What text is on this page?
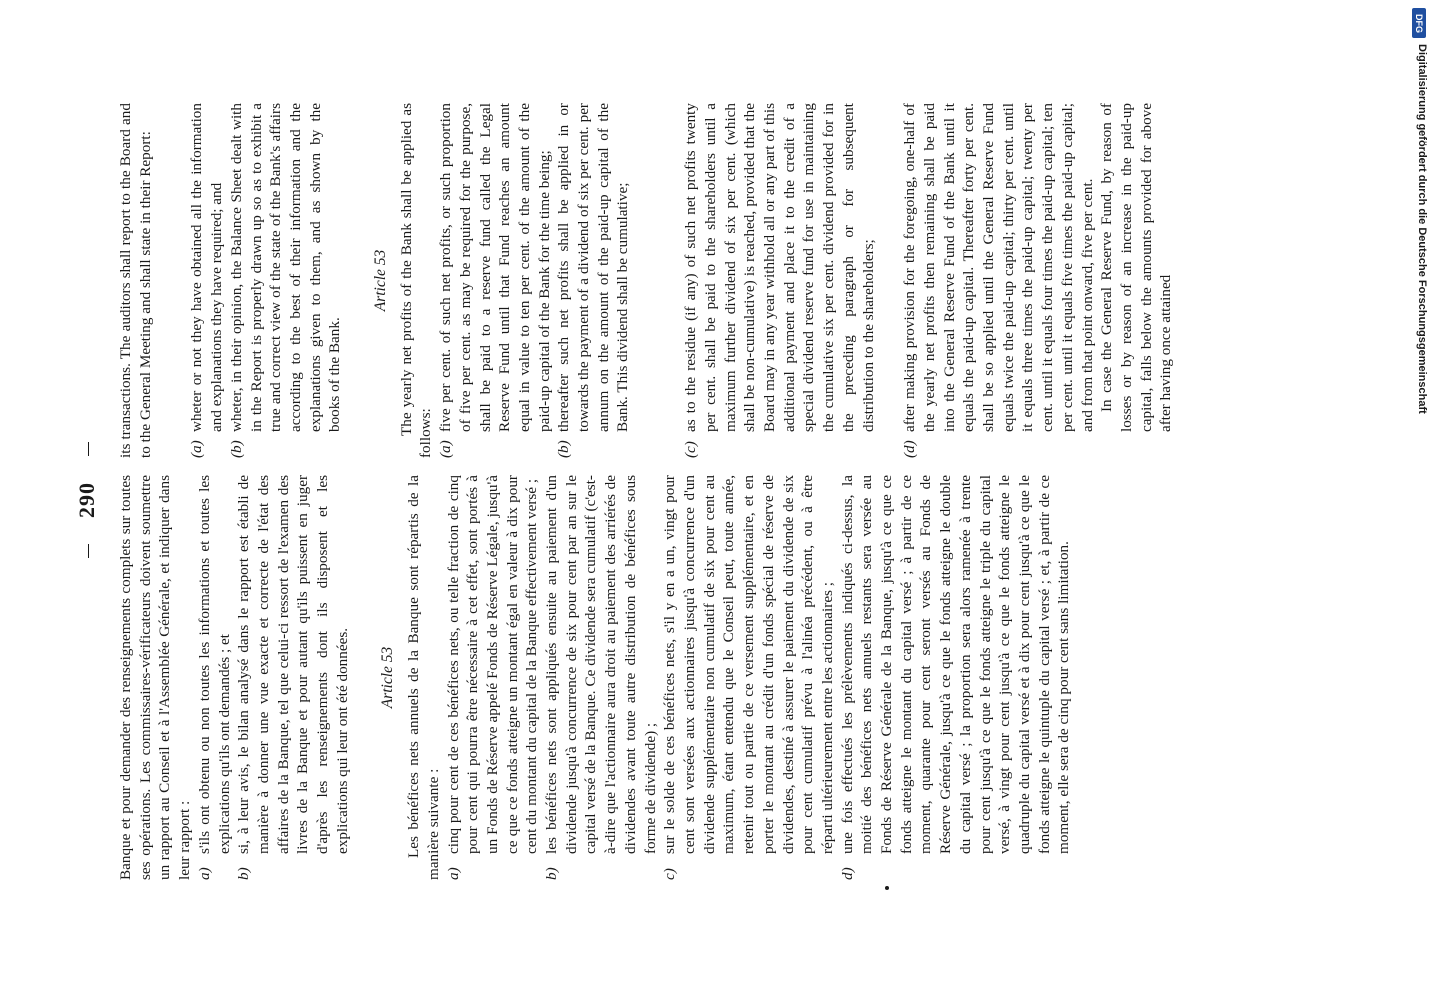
290 Banque et pour demander des renseignements complets sur toutes ses opérations. Les commissaires-vérificateurs doivent soumettre un rapport au Conseil et à l'Assemblée Générale, et indiquer dans leur rapport : a)
s'ils ont obtenu ou non toutes les informations et toutes les explications qu'ils ont demandés ; et
b)
si, à leur avis, le bilan analysé dans le rapport est établi de manière à donner une vue exacte et correcte de l'état des affaires de la Banque, tel que celui-ci ressort de l'examen des livres de la Banque et pour autant qu'ils puissent en juger d'après les renseignements dont ils disposent et les explications qui leur ont été données. Article 53 Les bénéfices nets annuels de la Banque sont répartis de la manière suivante : a)
cinq pour cent de ces bénéfices nets, ou telle fraction de cinq pour cent qui pourra être nécessaire à cet effet, sont portés à un Fonds de Réserve appelé Fonds de Réserve Légale, jusqu'à ce que ce fonds atteigne un montant égal en valeur à dix pour cent du montant du capital de la Banque effectivement versé ;
b)
les bénéfices nets sont appliqués ensuite au paiement d'un dividende jusqu'à concurrence de six pour cent par an sur le capital versé de la Banque. Ce dividende sera cumulatif (c'est-à-dire que l'actionnaire aura droit au paiement des arriérés de dividendes avant toute autre distribution de bénéfices sous forme de dividende) ;
c)
sur le solde de ces bénéfices nets, s'il y en a un, vingt pour cent sont versées aux actionnaires jusqu'à concurrence d'un dividende supplémentaire non cumulatif de six pour cent au maximum, étant entendu que le Conseil peut, toute année, retenir tout ou partie de ce versement supplémentaire, et en porter le montant au crédit d'un fonds spécial de réserve de dividendes, destiné à assurer le paiement du dividende de six pour cent cumulatif prévu à l'alinéa précédent, ou à être réparti ultérieurement entre les actionnaires ;
d)
une fois effectués les prélèvements indiqués ci-dessus, la moitié des bénéfices nets annuels restants sera versée au Fonds de Réserve Générale de la Banque, jusqu'à ce que ce fonds atteigne le montant du capital versé ; à partir de ce moment, quarante pour cent seront versés au Fonds de Réserve Générale, jusqu'à ce que le fonds atteigne le double du capital versé ; la proportion sera alors ramenée à trente pour cent jusqu'à ce que le fonds atteigne le triple du capital versé, à vingt pour cent jusqu'à ce que le fonds atteigne le quadruple du capital versé et à dix pour cent jusqu'à ce que le fonds atteigne le quintuple du capital versé ; et, à partir de ce moment, elle sera de cinq pour cent sans limitation.

its transactions. The auditors shall report to the Board and to the General Meeting and shall state in their Report: (a)
wheter or not they have obtained all the information and explanations they have required; and
(b)
wheter, in their opinion, the Balance Sheet dealt with in the Report is properly drawn up so as to exhibit a true and correct view of the state of the Bank's affairs according to the best of their information and the explanations given to them, and as shown by the books of the Bank.
Article 53 The yearly net profits of the Bank shall be applied as follows: (a)
five per cent. of such net profits, or such proportion of five per cent. as may be required for the purpose, shall be paid to a reserve fund called the Legal Reserve Fund until that Fund reaches an amount equal in value to ten per cent. of the amount of the paid-up capital of the Bank for the time being;
(b)
thereafter such net profits shall be applied in or towards the payment of a dividend of six per cent. per annum on the amount of the paid-up capital of the Bank. This dividend shall be cumulative;
(c)
as to the residue (if any) of such net profits twenty per cent. shall be paid to the shareholders until a maximum further dividend of six per cent. (which shall be non-cumulative) is reached, provided that the Board may in any year withhold all or any part of this additional payment and place it to the credit of a special dividend reserve fund for use in maintaining the cumulative six per cent. dividend provided for in the preceding paragraph or for subsequent distribution to the shareholders;
(d)
after making provision for the foregoing, one-half of the yearly net profits then remaining shall be paid into the General Reserve Fund of the Bank until it equals the paid-up capital. Thereafter forty per cent. shall be so applied until the General Reserve Fund equals twice the paid-up capital; thirty per cent. until it equals three times the paid-up capital; twenty per cent. until it equals four times the paid-up capital; ten per cent. until it equals five times the paid-up capital; and from that point onward, five per cent. In case the General Reserve Fund, by reason of losses or by reason of an increase in the paid-up capital, falls below the amounts provided for above after having once attained
DFG
Digitalisierung gefördert durch die Deutsche Forschungsgemeinschaft
